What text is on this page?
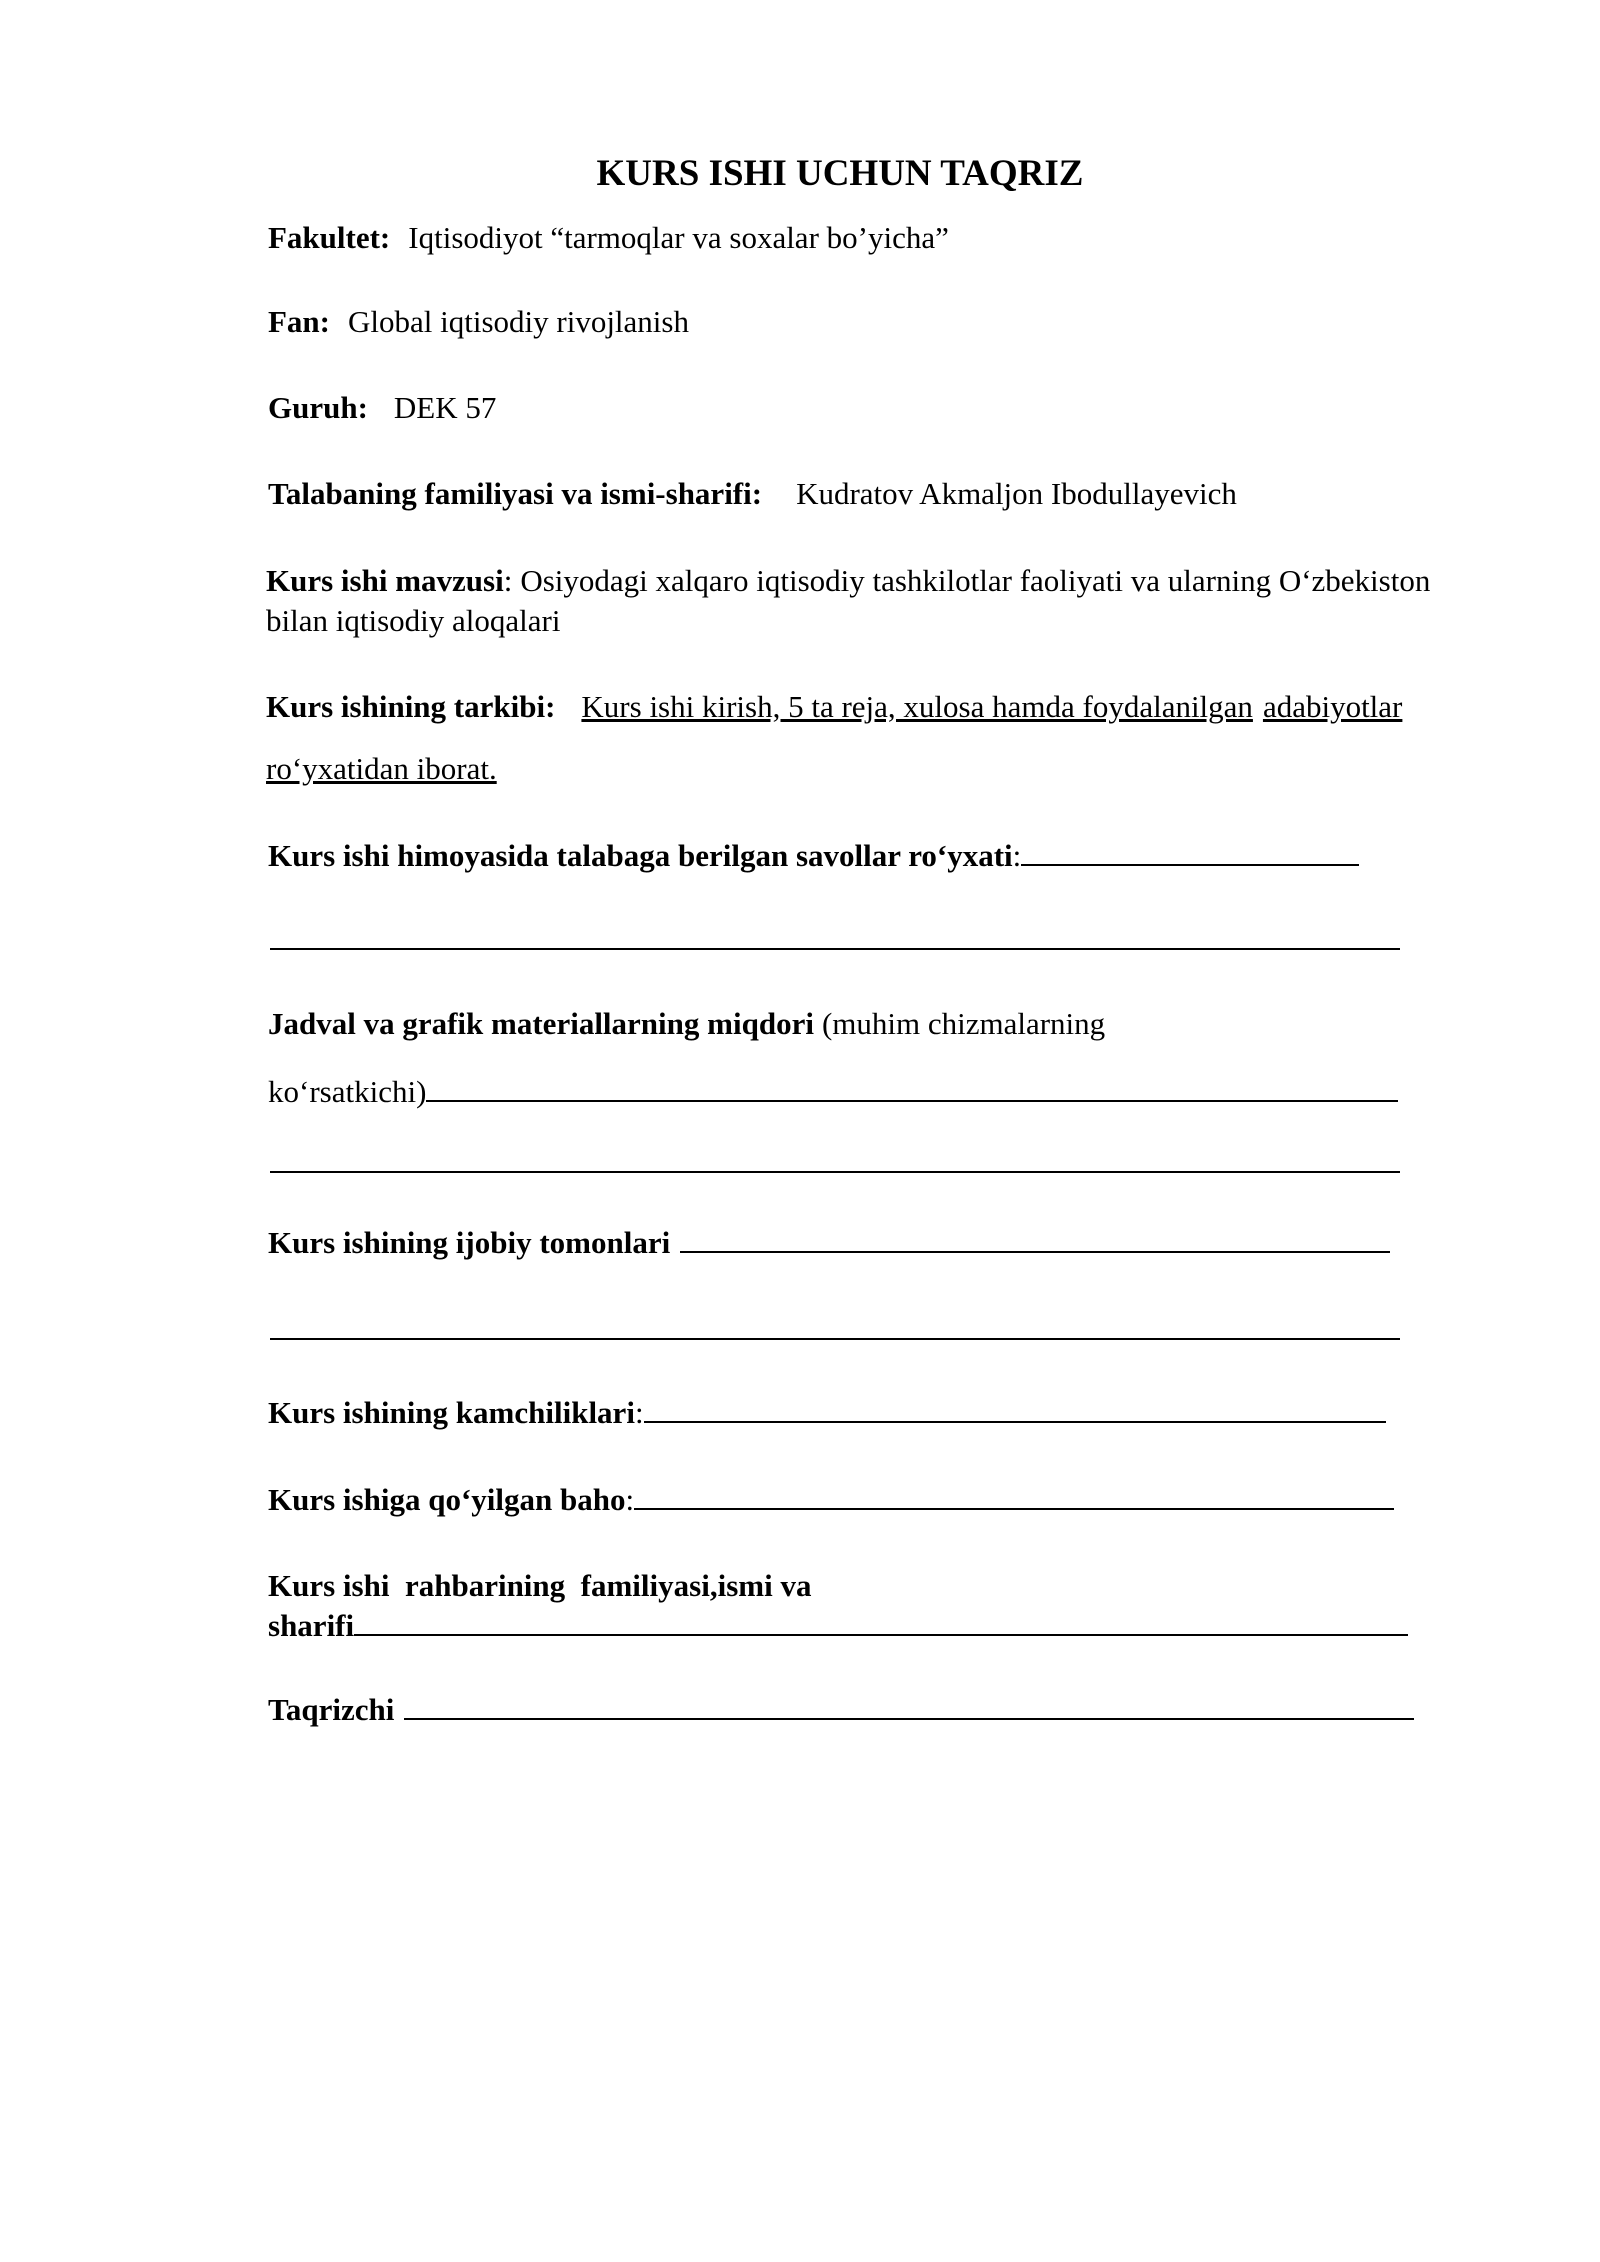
KURS ISHI UCHUN TAQRIZ
Fakultet: Iqtisodiyot “tarmoqlar va soxalar bo’yicha”
Fan: Global iqtisodiy rivojlanish
Guruh: DEK 57
Talabaning familiyasi va ismi-sharifi: Kudratov Akmaljon Ibodullayevich
Kurs ishi mavzusi: Osiyodagi xalqaro iqtisodiy tashkilotlar faoliyati va ularning O‘zbekiston
bilan iqtisodiy aloqalari
Kurs ishining tarkibi: Kurs ishi kirish, 5 ta reja, xulosa hamda foydalanilgan adabiyotlar
ro‘yxatidan iborat.
Kurs ishi himoyasida talabaga berilgan savollar ro‘yxati:
Jadval va grafik materiallarning miqdori (muhim chizmalarning
ko‘rsatkichi)
Kurs ishining ijobiy tomonlari
Kurs ishining kamchiliklari:
Kurs ishiga qo‘yilgan baho:
Kurs ishi  rahbarining  familiyasi,ismi va
sharifi
Taqrizchi
